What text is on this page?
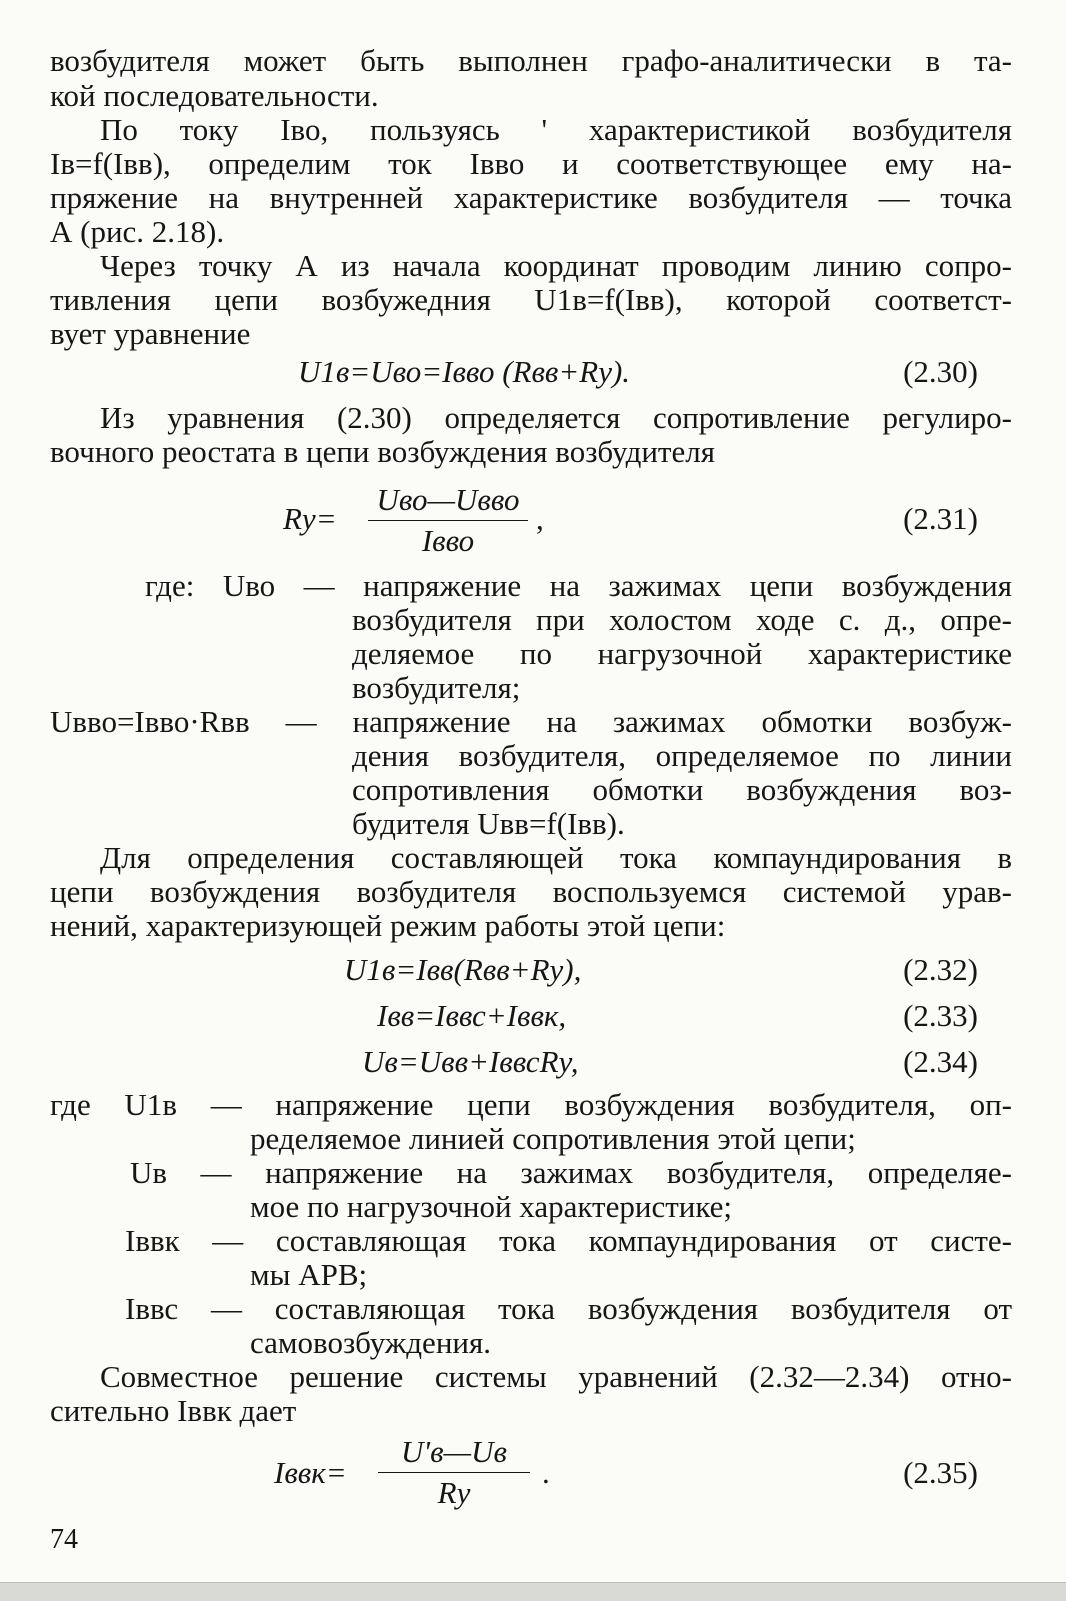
возбудителя может быть выполнен графо-аналитически в та-
кой последовательности.
По току Iво, пользуясь ' характеристикой возбудителя
Iв=f(Iвв), определим ток Iвво и соответствующее ему на-
пряжение на внутренней характеристике возбудителя — точка
А (рис. 2.18).
Через точку А из начала координат проводим линию сопро-
тивления цепи возбужедния U1в=f(Iвв), которой соответст-
вует уравнение
U1в=Uво=Iвво (Rвв+Rу).	(2.30)
Из уравнения (2.30) определяется сопротивление регулиро-
вочного реостата в цепи возбуждения возбудителя
Rу=
Uво—Uвво
Iвво
,	(2.31)
где: Uво — напряжение на зажимах цепи возбуждения
возбудителя при холостом ходе с. д., опре-
деляемое по нагрузочной характеристике
возбудителя;
Uвво=Iвво·Rвв — напряжение на зажимах обмотки возбуж-
дения возбудителя, определяемое по линии
сопротивления обмотки возбуждения воз-
будителя Uвв=f(Iвв).
Для определения составляющей тока компаундирования в
цепи возбуждения возбудителя воспользуемся системой урав-
нений, характеризующей режим работы этой цепи:
U1в=Iвв(Rвв+Rу),	(2.32)
Iвв=Iввс+Iввк,	(2.33)
Uв=Uвв+IввсRу,	(2.34)
где U1в — напряжение цепи возбуждения возбудителя, оп-
ределяемое линией сопротивления этой цепи;
Uв — напряжение на зажимах возбудителя, определяе-
мое по нагрузочной характеристике;
Iввк — составляющая тока компаундирования от систе-
мы АРВ;
Iввс — составляющая тока возбуждения возбудителя от
самовозбуждения.
Совместное решение системы уравнений (2.32—2.34) отно-
сительно Iввк дает
Iввк=
U'в—Uв
Rу
.	(2.35)
74
